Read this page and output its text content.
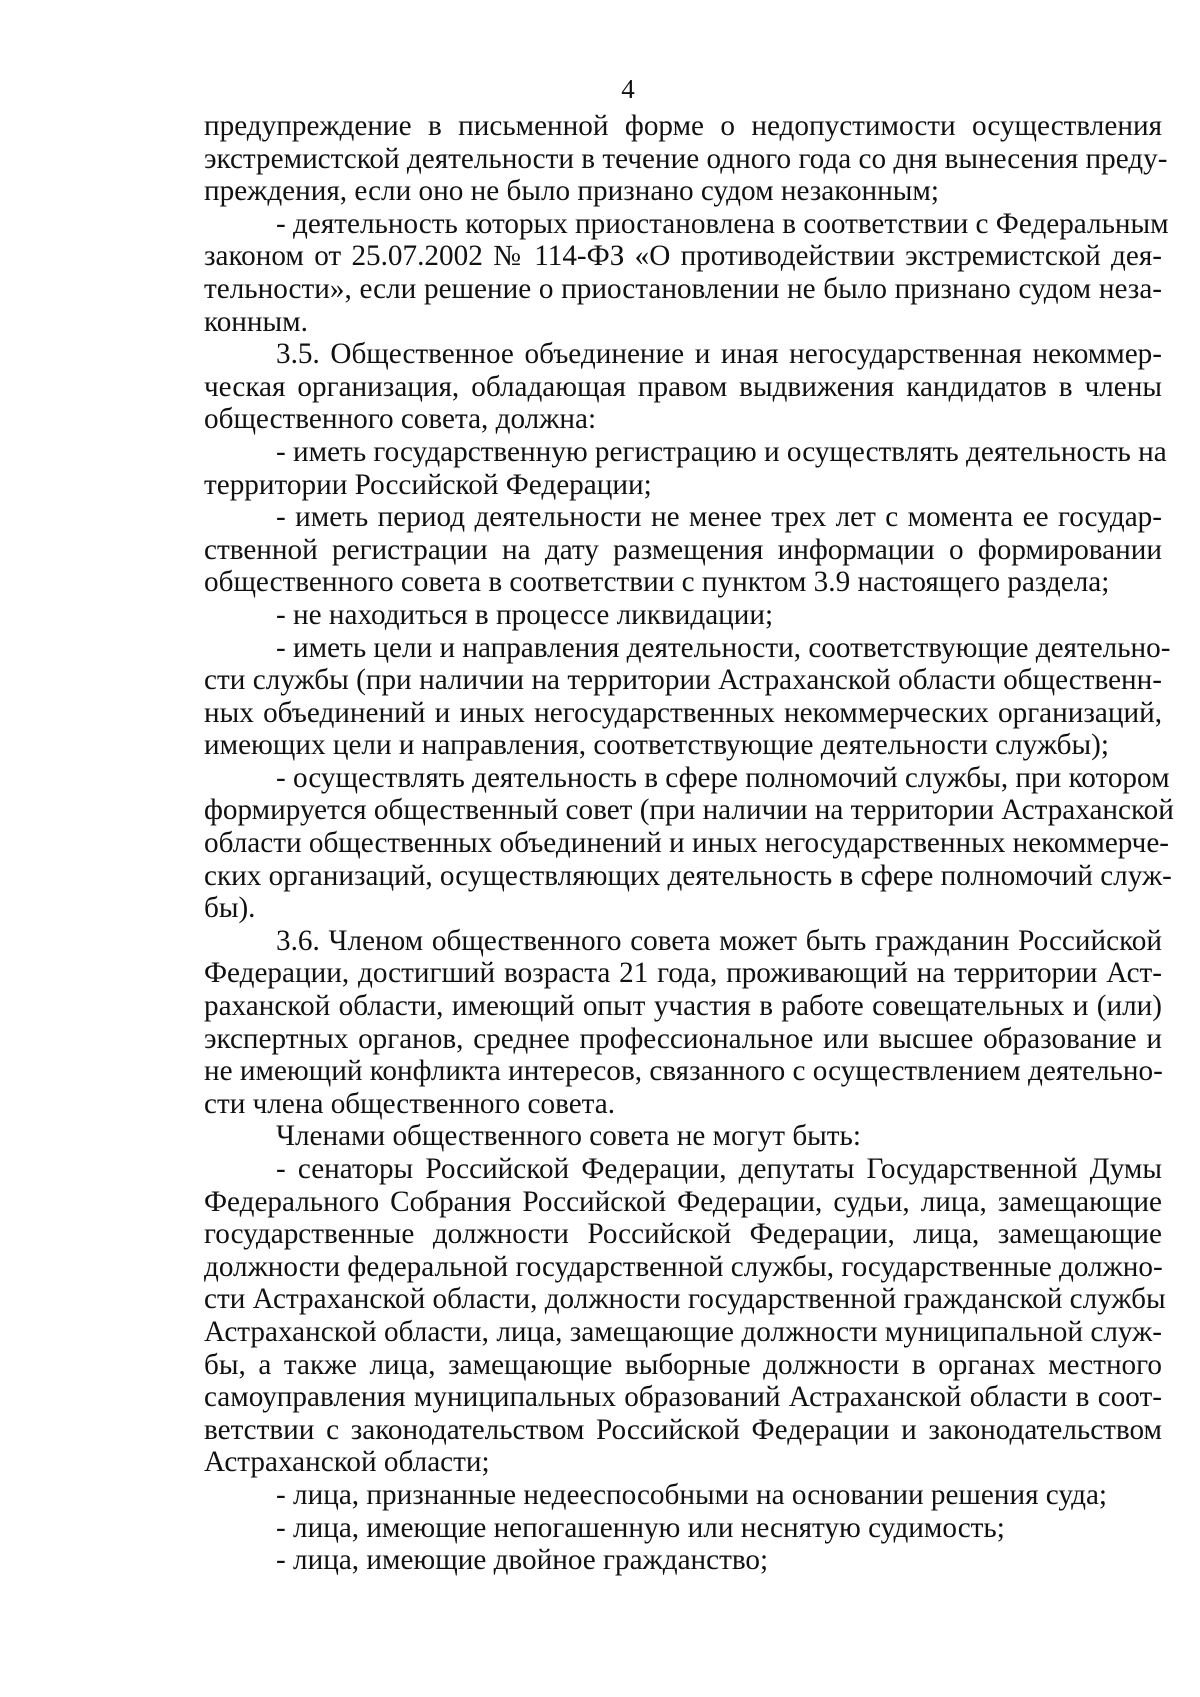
4
предупреждение в письменной форме о недопустимости осуществления
экстремистской деятельности в течение одного года со дня вынесения преду-
преждения, если оно не было признано судом незаконным;
- деятельность которых приостановлена в соответствии с Федеральным
законом от 25.07.2002 № 114-ФЗ «О противодействии экстремистской дея-
тельности», если решение о приостановлении не было признано судом неза-
конным.
3.5. Общественное объединение и иная негосударственная некоммер-
ческая организация, обладающая правом выдвижения кандидатов в члены
общественного совета, должна:
- иметь государственную регистрацию и осуществлять деятельность на
территории Российской Федерации;
- иметь период деятельности не менее трех лет с момента ее государ-
ственной регистрации на дату размещения информации о формировании
общественного совета в соответствии с пунктом 3.9 настоящего раздела;
- не находиться в процессе ликвидации;
- иметь цели и направления деятельности, соответствующие деятельно-
сти службы (при наличии на территории Астраханской области общественн-
ных объединений и иных негосударственных некоммерческих организаций,
имеющих цели и направления, соответствующие деятельности службы);
- осуществлять деятельность в сфере полномочий службы, при котором
формируется общественный совет (при наличии на территории Астраханской
области общественных объединений и иных негосударственных некоммерче-
ских организаций, осуществляющих деятельность в сфере полномочий служ-
бы).
3.6. Членом общественного совета может быть гражданин Российской
Федерации, достигший возраста 21 года, проживающий на территории Аст-
раханской области, имеющий опыт участия в работе совещательных и (или)
экспертных органов, среднее профессиональное или высшее образование и
не имеющий конфликта интересов, связанного с осуществлением деятельно-
сти члена общественного совета.
Членами общественного совета не могут быть:
- сенаторы Российской Федерации, депутаты Государственной Думы
Федерального Собрания Российской Федерации, судьи, лица, замещающие
государственные должности Российской Федерации, лица, замещающие
должности федеральной государственной службы, государственные должно-
сти Астраханской области, должности государственной гражданской службы
Астраханской области, лица, замещающие должности муниципальной служ-
бы, а также лица, замещающие выборные должности в органах местного
самоуправления муниципальных образований Астраханской области в соот-
ветствии с законодательством Российской Федерации и законодательством
Астраханской области;
- лица, признанные недееспособными на основании решения суда;
- лица, имеющие непогашенную или неснятую судимость;
- лица, имеющие двойное гражданство;
